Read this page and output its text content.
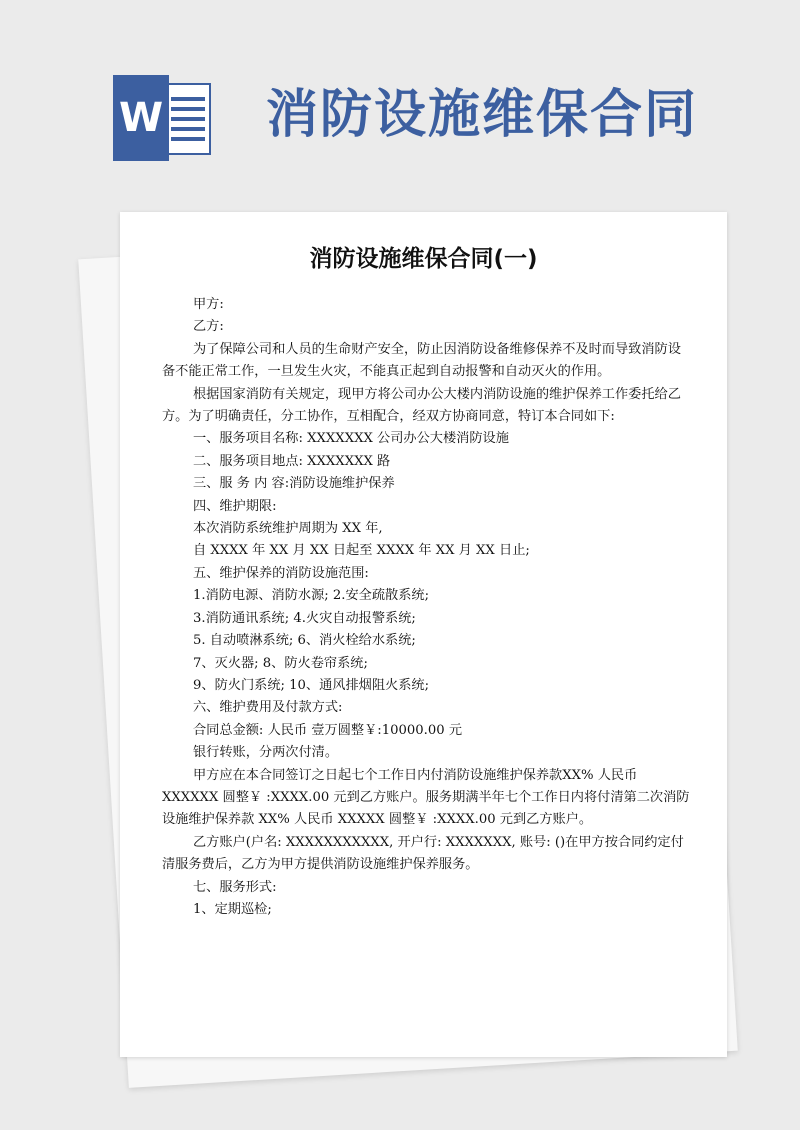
W 消防设施维保合同
消防设施维保合同(一)

甲方:

乙方:

为了保障公司和人员的生命财产安全，防止因消防设备维修保养不及时而导致消防设备不能正常工作，一旦发生火灾，不能真正起到自动报警和自动灭火的作用。

根据国家消防有关规定，现甲方将公司办公大楼内消防设施的维护保养工作委托给乙方。为了明确责任，分工协作，互相配合，经双方协商同意，特订本合同如下:

一、服务项目名称: XXXXXXX 公司办公大楼消防设施

二、服务项目地点: XXXXXXX 路

三、服 务 内 容:消防设施维护保养

四、维护期限:

本次消防系统维护周期为 XX 年,

自 XXXX 年 XX 月 XX 日起至 XXXX 年 XX 月 XX 日止;

五、维护保养的消防设施范围:

1.消防电源、消防水源; 2.安全疏散系统;

3.消防通讯系统; 4.火灾自动报警系统;

5. 自动喷淋系统; 6、消火栓给水系统;

7、灭火器; 8、防火卷帘系统;

9、防火门系统; 10、通风排烟阻火系统;

六、维护费用及付款方式:

合同总金额: 人民币 壹万圆整￥:10000.00 元

银行转账，分两次付清。

甲方应在本合同签订之日起七个工作日内付消防设施维护保养款XX% 人民币 XXXXXX 圆整￥ :XXXX.00 元到乙方账户。服务期满半年七个工作日内将付清第二次消防设施维护保养款 XX% 人民币 XXXXX 圆整￥ :XXXX.00 元到乙方账户。

乙方账户(户名: XXXXXXXXXXX, 开户行: XXXXXXX, 账号: ()在甲方按合同约定付清服务费后，乙方为甲方提供消防设施维护保养服务。

七、服务形式:

1、定期巡检;
